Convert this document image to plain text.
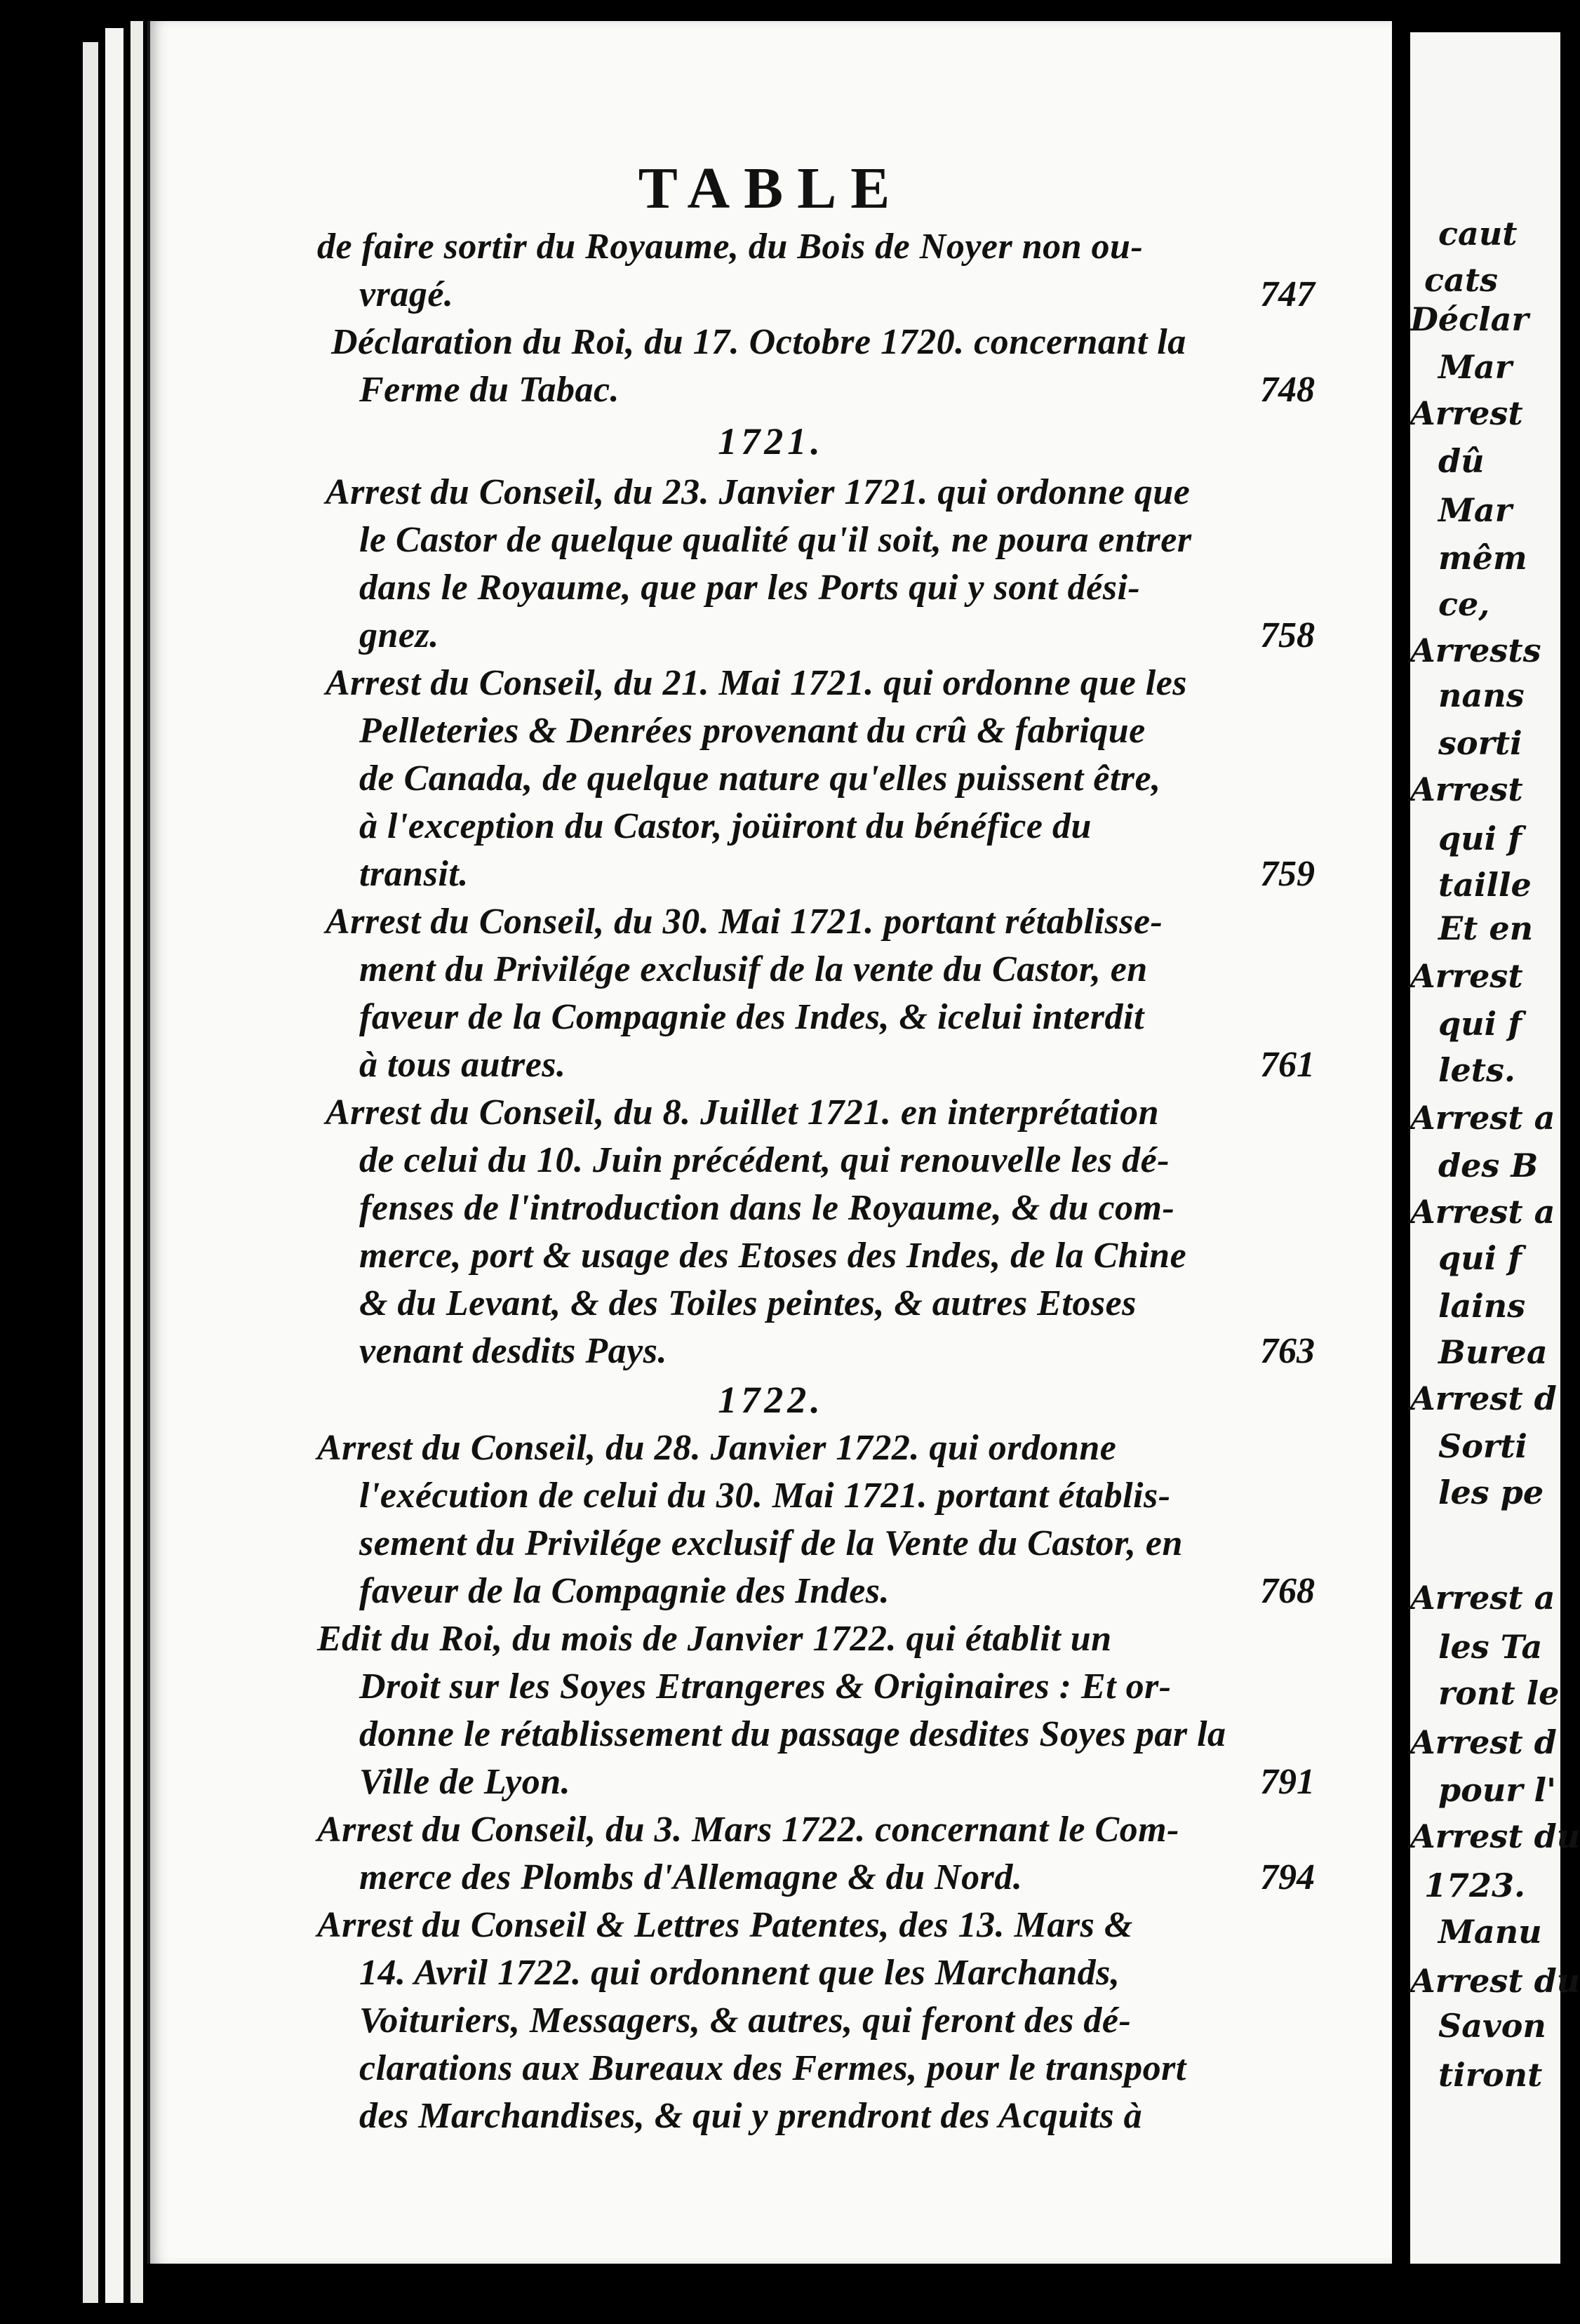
TABLE
de faire sortir du Royaume, du Bois de Noyer non ou-
vragé.	747
Déclaration du Roi, du 17. Octobre 1720. concernant la
Ferme du Tabac.	748
1721.
Arrest du Conseil, du 23. Janvier 1721. qui ordonne que
le Castor de quelque qualité qu'il soit, ne poura entrer
dans le Royaume, que par les Ports qui y sont dési-
gnez.	758
Arrest du Conseil, du 21. Mai 1721. qui ordonne que les
Pelleteries & Denrées provenant du crû & fabrique
de Canada, de quelque nature qu'elles puissent être,
à l'exception du Castor, joüiront du bénéfice du
transit.	759
Arrest du Conseil, du 30. Mai 1721. portant rétablisse-
ment du Privilége exclusif de la vente du Castor, en
faveur de la Compagnie des Indes, & icelui interdit
à tous autres.	761
Arrest du Conseil, du 8. Juillet 1721. en interprétation
de celui du 10. Juin précédent, qui renouvelle les dé-
fenses de l'introduction dans le Royaume, & du com-
merce, port & usage des Etoses des Indes, de la Chine
& du Levant, & des Toiles peintes, & autres Etoses
venant desdits Pays.	763
1722.
Arrest du Conseil, du 28. Janvier 1722. qui ordonne
l'exécution de celui du 30. Mai 1721. portant établis-
sement du Privilége exclusif de la Vente du Castor, en
faveur de la Compagnie des Indes.	768
Edit du Roi, du mois de Janvier 1722. qui établit un
Droit sur les Soyes Etrangeres & Originaires : Et or-
donne le rétablissement du passage desdites Soyes par la
Ville de Lyon.	791
Arrest du Conseil, du 3. Mars 1722. concernant le Com-
merce des Plombs d'Allemagne & du Nord.	794
Arrest du Conseil & Lettres Patentes, des 13. Mars &
14. Avril 1722. qui ordonnent que les Marchands,
Voituriers, Messagers, & autres, qui feront des dé-
clarations aux Bureaux des Fermes, pour le transport
des Marchandises, & qui y prendront des Acquits à
caut
cats
Déclar
Mar
Arrest
dû
Mar
mêm
ce,
Arrests
nans
sorti
Arrest
qui f
taille
Et en
Arrest
qui f
lets.
Arrest a
des B
Arrest a
qui f
lains
Burea
Arrest d
Sorti
les pe
Arrest a
les Ta
ront le
Arrest d
pour l'
Arrest du
1723.
Manu
Arrest du
Savon
tiront
